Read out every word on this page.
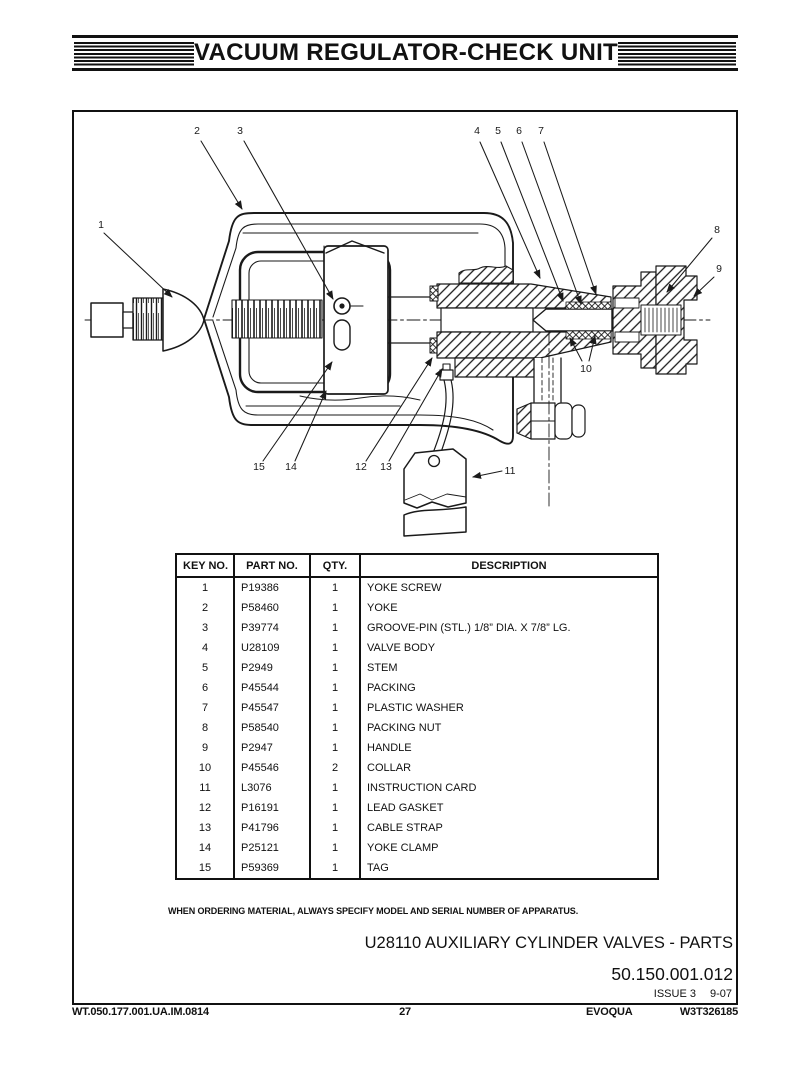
VACUUM REGULATOR-CHECK UNIT
1
2	3	4 5 6 7
8
9
10
11
12 13
14
15
KEY NO.	PART NO.	QTY.	DESCRIPTION
1	P19386	1	YOKE SCREW
2	P58460	1	YOKE
3	P39774	1	GROOVE-PIN (STL.) 1/8” DIA. X 7/8” LG.
4	U28109	1	VALVE BODY
5	P2949	1	STEM
6	P45544	1	PACKING
7	P45547	1	PLASTIC WASHER
8	P58540	1	PACKING NUT
9	P2947	1	HANDLE
10	P45546	2	COLLAR
11	L3076	1	INSTRUCTION CARD
12	P16191	1	LEAD GASKET
13	P41796	1	CABLE STRAP
14	P25121	1	YOKE CLAMP
15	P59369	1	TAG
WHEN ORDERING MATERIAL, ALWAYS SPECIFY MODEL AND SERIAL NUMBER OF APPARATUS.
U28110 AUXILIARY CYLINDER VALVES - PARTS
50.150.001.012
ISSUE 3 9-07
WT.050.177.001.UA.IM.0814	27	EVOQUA	W3T326185
